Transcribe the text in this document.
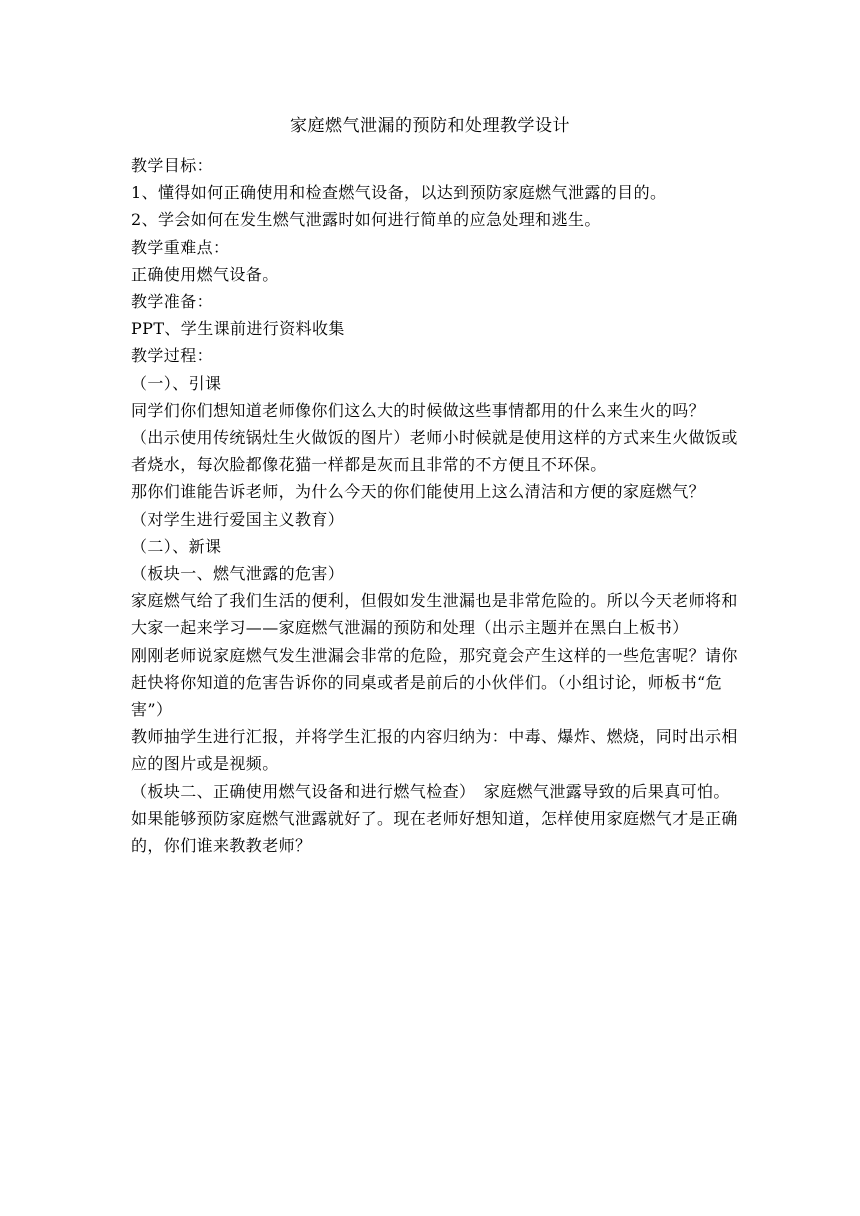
家庭燃气泄漏的预防和处理教学设计

教学目标：

1、懂得如何正确使用和检查燃气设备，以达到预防家庭燃气泄露的目的。

2、学会如何在发生燃气泄露时如何进行简单的应急处理和逃生。

教学重难点：

正确使用燃气设备。

教学准备：

PPT、学生课前进行资料收集

教学过程：

（一）、引课

同学们你们想知道老师像你们这么大的时候做这些事情都用的什么来生火的吗？

（出示使用传统锅灶生火做饭的图片）老师小时候就是使用这样的方式来生火做饭或者烧水，每次脸都像花猫一样都是灰而且非常的不方便且不环保。

那你们谁能告诉老师，为什么今天的你们能使用上这么清洁和方便的家庭燃气？

（对学生进行爱国主义教育）

（二）、新课

（板块一、燃气泄露的危害）

家庭燃气给了我们生活的便利，但假如发生泄漏也是非常危险的。所以今天老师将和大家一起来学习——家庭燃气泄漏的预防和处理（出示主题并在黑白上板书）

刚刚老师说家庭燃气发生泄漏会非常的危险，那究竟会产生这样的一些危害呢？请你赶快将你知道的危害告诉你的同桌或者是前后的小伙伴们。（小组讨论，师板书“危害”）

教师抽学生进行汇报，并将学生汇报的内容归纳为：中毒、爆炸、燃烧，同时出示相应的图片或是视频。

（板块二、正确使用燃气设备和进行燃气检查）　家庭燃气泄露导致的后果真可怕。如果能够预防家庭燃气泄露就好了。现在老师好想知道，怎样使用家庭燃气才是正确的，你们谁来教教老师？
